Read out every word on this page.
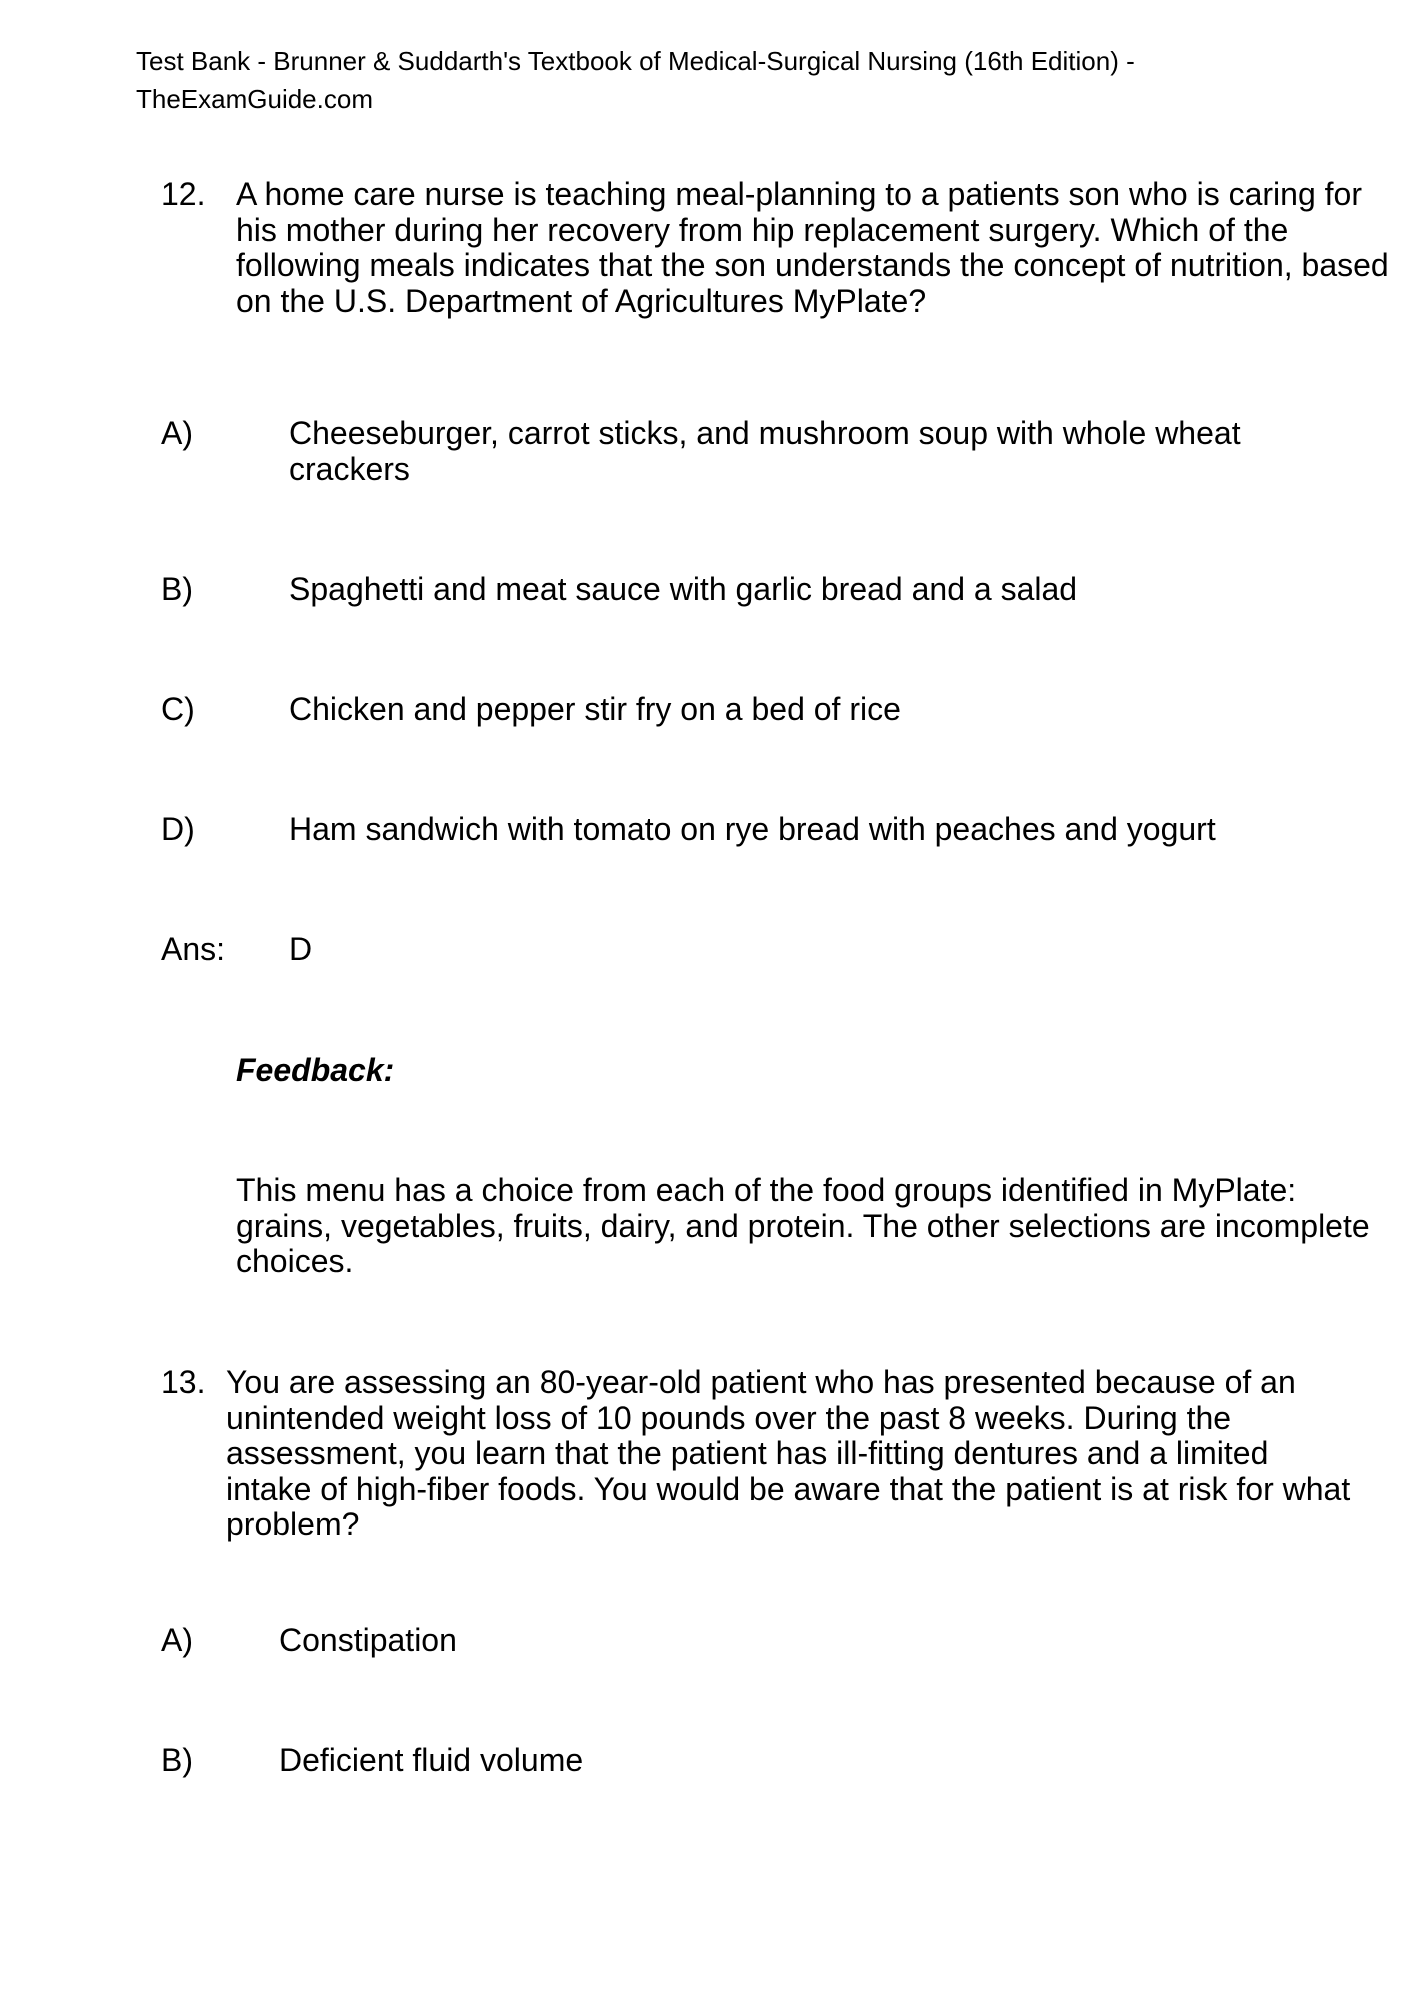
Test Bank - Brunner & Suddarth's Textbook of Medical-Surgical Nursing (16th Edition) -
TheExamGuide.com
12. A home care nurse is teaching meal-planning to a patients son who is caring for his mother during her recovery from hip replacement surgery. Which of the following meals indicates that the son understands the concept of nutrition, based on the U.S. Department of Agricultures MyPlate?
A)	Cheeseburger, carrot sticks, and mushroom soup with whole wheat crackers
B)	Spaghetti and meat sauce with garlic bread and a salad
C)	Chicken and pepper stir fry on a bed of rice
D)	Ham sandwich with tomato on rye bread with peaches and yogurt
Ans: D
Feedback:
This menu has a choice from each of the food groups identified in MyPlate: grains, vegetables, fruits, dairy, and protein. The other selections are incomplete choices.
13. You are assessing an 80-year-old patient who has presented because of an unintended weight loss of 10 pounds over the past 8 weeks. During the assessment, you learn that the patient has ill-fitting dentures and a limited intake of high-fiber foods. You would be aware that the patient is at risk for what problem?
A)	Constipation
B)	Deficient fluid volume
